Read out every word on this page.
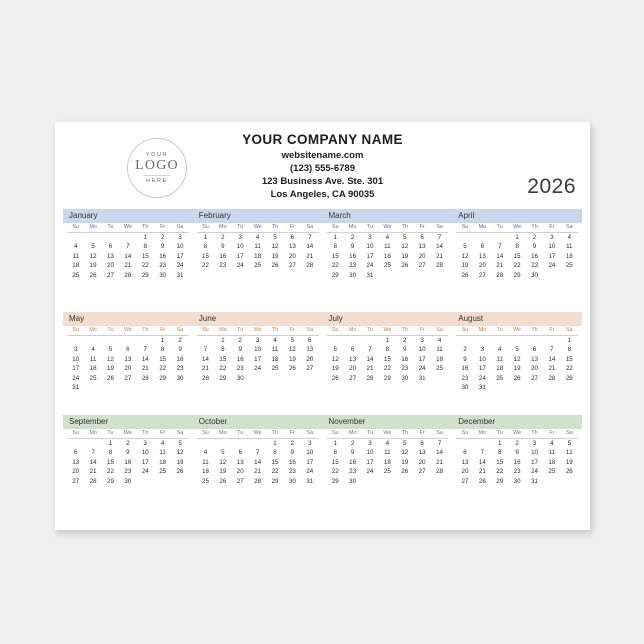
YOUR
LOGO
HERE
YOUR COMPANY NAME
websitename.com
(123) 555-6789
123 Business Ave. Ste. 301
Los Angeles, CA 90035	2026
January
Su	Mo	Tu	We	Th	Fr	Sa
				1	2	3
4	5	6	7	8	9	10
11	12	13	14	15	16	17
18	19	20	21	22	23	24
25	26	27	28	29	30	31
February
Su	Mo	Tu	We	Th	Fr	Sa
1	2	3	4	5	6	7
8	9	10	11	12	13	14
15	16	17	18	19	20	21
22	23	24	25	26	27	28
March
Su	Mo	Tu	We	Th	Fr	Sa
1	2	3	4	5	6	7
8	9	10	11	12	13	14
15	16	17	18	19	20	21
22	23	24	25	26	27	28
29	30	31				
April
Su	Mo	Tu	We	Th	Fr	Sa
			1	2	3	4
5	6	7	8	9	10	11
12	13	14	15	16	17	18
19	20	21	22	23	24	25
26	27	28	29	30		
May
Su	Mo	Tu	We	Th	Fr	Sa
					1	2
3	4	5	6	7	8	9
10	11	12	13	14	15	16
17	18	19	20	21	22	23
24	25	26	27	28	29	30
31						
June
Su	Mo	Tu	We	Th	Fr	Sa
	1	2	3	4	5	6
7	8	9	10	11	12	13
14	15	16	17	18	19	20
21	22	23	24	25	26	27
28	29	30				
July
Su	Mo	Tu	We	Th	Fr	Sa
			1	2	3	4
5	6	7	8	9	10	11
12	13	14	15	16	17	18
19	20	21	22	23	24	25
26	27	28	29	30	31	
August
Su	Mo	Tu	We	Th	Fr	Sa
						1
2	3	4	5	6	7	8
9	10	11	12	13	14	15
16	17	18	19	20	21	22
23	24	25	26	27	28	29
30	31					
September
Su	Mo	Tu	We	Th	Fr	Sa
		1	2	3	4	5
6	7	8	9	10	11	12
13	14	15	16	17	18	19
20	21	22	23	24	25	26
27	28	29	30			
October
Su	Mo	Tu	We	Th	Fr	Sa
				1	2	3
4	5	6	7	8	9	10
11	12	13	14	15	16	17
18	19	20	21	22	23	24
25	26	27	28	29	30	31
November
Su	Mo	Tu	We	Th	Fr	Sa
1	2	3	4	5	6	7
8	9	10	11	12	13	14
15	16	17	18	19	20	21
22	23	24	25	26	27	28
29	30					
December
Su	Mo	Tu	We	Th	Fr	Sa
		1	2	3	4	5
6	7	8	9	10	11	12
13	14	15	16	17	18	19
20	21	22	23	24	25	26
27	28	29	30	31		
